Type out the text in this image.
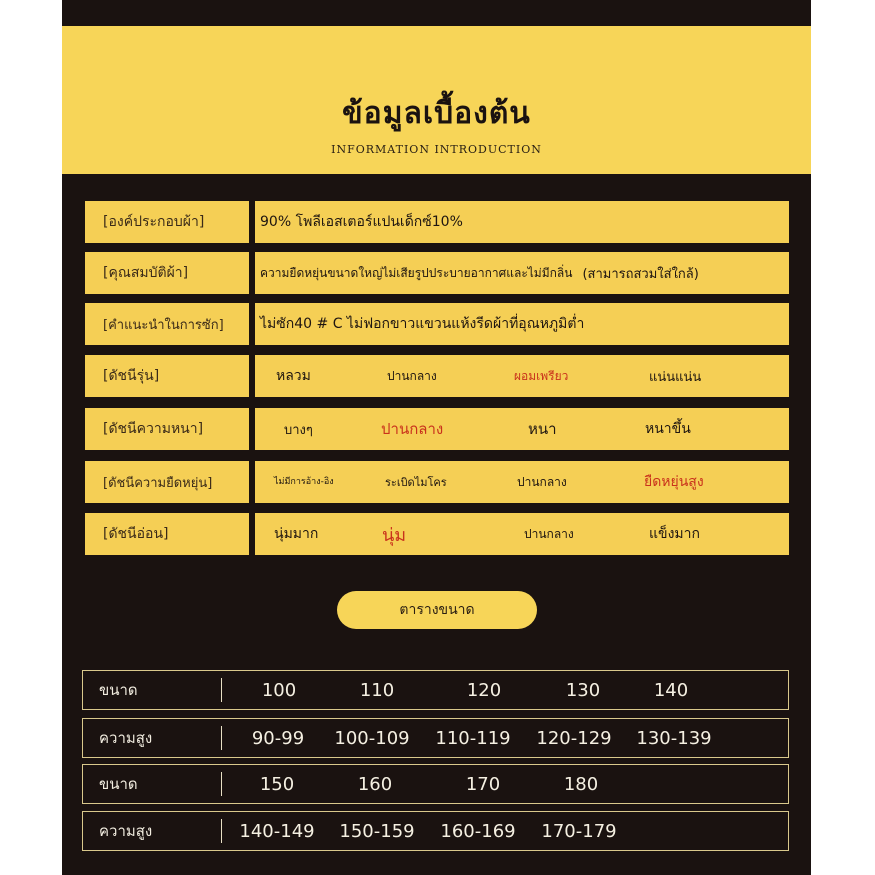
ข้อมูลเบื้องต้น
INFORMATION INTRODUCTION
[องค์ประกอบผ้า]	90% โพลีเอสเตอร์แปนเด็กซ์10%
[คุณสมบัติผ้า]	ความยืดหยุ่นขนาดใหญ่ไม่เสียรูปประบายอากาศและไม่มีกลิ่น (สามารถสวมใส่ใกล้)
[คำแนะนำในการซัก]	ไม่ซัก40 # C ไม่ฟอกขาวแขวนแห้งรีดผ้าที่อุณหภูมิต่ำ
[ดัชนีรุ่น]	หลวม	ปานกลาง	ผอมเพรียว	แน่นแน่น
[ดัชนีความหนา]	บางๆ	ปานกลาง	หนา	หนาขึ้น
[ดัชนีความยืดหยุ่น]	ไม่มีการอ้าง-อิง	ระเบิดไมโคร	ปานกลาง	ยืดหยุ่นสูง
[ดัชนีอ่อน]	นุ่มมาก	นุ่ม	ปานกลาง	แข็งมาก
ตารางขนาด
ขนาด	100	110	120	130	140
ความสูง	90-99	100-109	110-119	120-129	130-139
ขนาด	150	160	170	180
ความสูง	140-149	150-159	160-169	170-179
